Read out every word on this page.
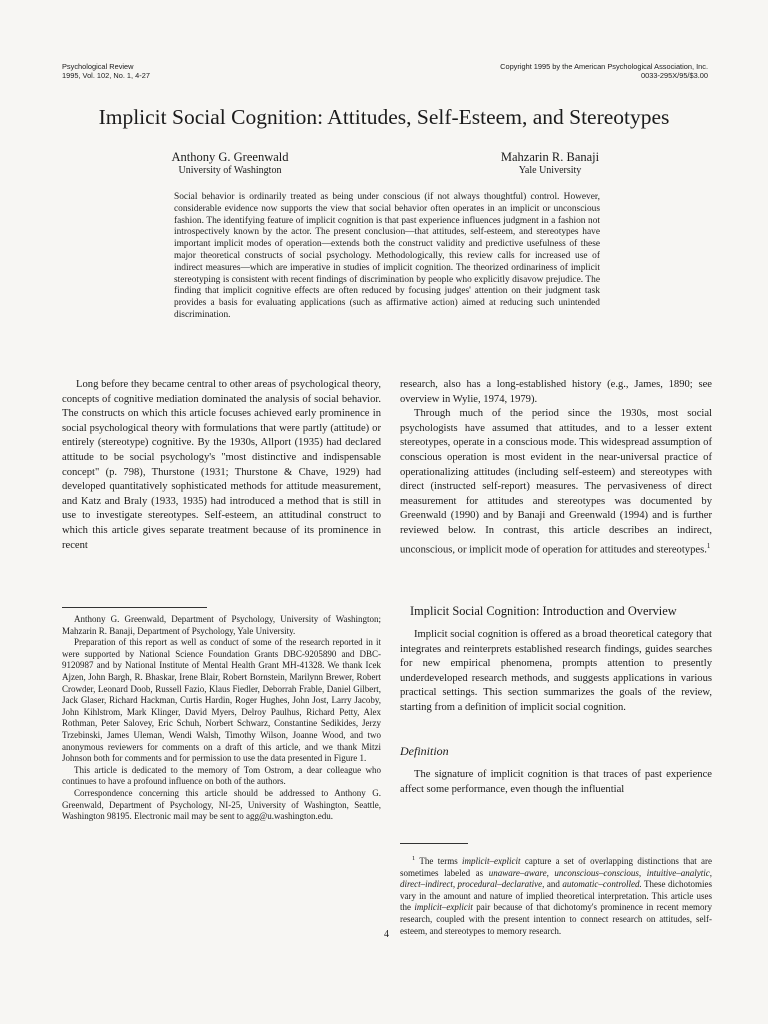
Psychological Review
1995, Vol. 102, No. 1, 4-27
Copyright 1995 by the American Psychological Association, Inc.
0033-295X/95/$3.00
Implicit Social Cognition: Attitudes, Self-Esteem, and Stereotypes
Anthony G. Greenwald
University of Washington
Mahzarin R. Banaji
Yale University
Social behavior is ordinarily treated as being under conscious (if not always thoughtful) control. However, considerable evidence now supports the view that social behavior often operates in an implicit or unconscious fashion. The identifying feature of implicit cognition is that past experience influences judgment in a fashion not introspectively known by the actor. The present conclusion—that attitudes, self-esteem, and stereotypes have important implicit modes of operation—extends both the construct validity and predictive usefulness of these major theoretical constructs of social psychology. Methodologically, this review calls for increased use of indirect measures—which are imperative in studies of implicit cognition. The theorized ordinariness of implicit stereotyping is consistent with recent findings of discrimination by people who explicitly disavow prejudice. The finding that implicit cognitive effects are often reduced by focusing judges' attention on their judgment task provides a basis for evaluating applications (such as affirmative action) aimed at reducing such unintended discrimination.

Long before they became central to other areas of psychological theory, concepts of cognitive mediation dominated the analysis of social behavior. The constructs on which this article focuses achieved early prominence in social psychological theory with formulations that were partly (attitude) or entirely (stereotype) cognitive. By the 1930s, Allport (1935) had declared attitude to be social psychology's "most distinctive and indispensable concept" (p. 798), Thurstone (1931; Thurstone & Chave, 1929) had developed quantitatively sophisticated methods for attitude measurement, and Katz and Braly (1933, 1935) had introduced a method that is still in use to investigate stereotypes. Self-esteem, an attitudinal construct to which this article gives separate treatment because of its prominence in recent

research, also has a long-established history (e.g., James, 1890; see overview in Wylie, 1974, 1979).

Through much of the period since the 1930s, most social psychologists have assumed that attitudes, and to a lesser extent stereotypes, operate in a conscious mode. This widespread assumption of conscious operation is most evident in the near-universal practice of operationalizing attitudes (including self-esteem) and stereotypes with direct (instructed self-report) measures. The pervasiveness of direct measurement for attitudes and stereotypes was documented by Greenwald (1990) and by Banaji and Greenwald (1994) and is further reviewed below. In contrast, this article describes an indirect, unconscious, or implicit mode of operation for attitudes and stereotypes.$^1$

Anthony G. Greenwald, Department of Psychology, University of Washington; Mahzarin R. Banaji, Department of Psychology, Yale University.

Preparation of this report as well as conduct of some of the research reported in it were supported by National Science Foundation Grants DBC-9205890 and DBC-9120987 and by National Institute of Mental Health Grant MH-41328. We thank Icek Ajzen, John Bargh, R. Bhaskar, Irene Blair, Robert Bornstein, Marilynn Brewer, Robert Crowder, Leonard Doob, Russell Fazio, Klaus Fiedler, Deborrah Frable, Daniel Gilbert, Jack Glaser, Richard Hackman, Curtis Hardin, Roger Hughes, John Jost, Larry Jacoby, John Kihlstrom, Mark Klinger, David Myers, Delroy Paulhus, Richard Petty, Alex Rothman, Peter Salovey, Eric Schuh, Norbert Schwarz, Constantine Sedikides, Jerzy Trzebinski, James Uleman, Wendi Walsh, Timothy Wilson, Joanne Wood, and two anonymous reviewers for comments on a draft of this article, and we thank Mitzi Johnson both for comments and for permission to use the data presented in Figure 1.

This article is dedicated to the memory of Tom Ostrom, a dear colleague who continues to have a profound influence on both of the authors.

Correspondence concerning this article should be addressed to Anthony G. Greenwald, Department of Psychology, NI-25, University of Washington, Seattle, Washington 98195. Electronic mail may be sent to agg@u.washington.edu.

Implicit Social Cognition: Introduction and Overview

Implicit social cognition is offered as a broad theoretical category that integrates and reinterprets established research findings, guides searches for new empirical phenomena, prompts attention to presently underdeveloped research methods, and suggests applications in various practical settings. This section summarizes the goals of the review, starting from a definition of implicit social cognition.

Definition

The signature of implicit cognition is that traces of past experience affect some performance, even though the influential

$^1$ The terms implicit–explicit capture a set of overlapping distinctions that are sometimes labeled as unaware–aware, unconscious–conscious, intuitive–analytic, direct–indirect, procedural–declarative, and automatic–controlled. These dichotomies vary in the amount and nature of implied theoretical interpretation. This article uses the implicit–explicit pair because of that dichotomy's prominence in recent memory research, coupled with the present intention to connect research on attitudes, self-esteem, and stereotypes to memory research.

4
